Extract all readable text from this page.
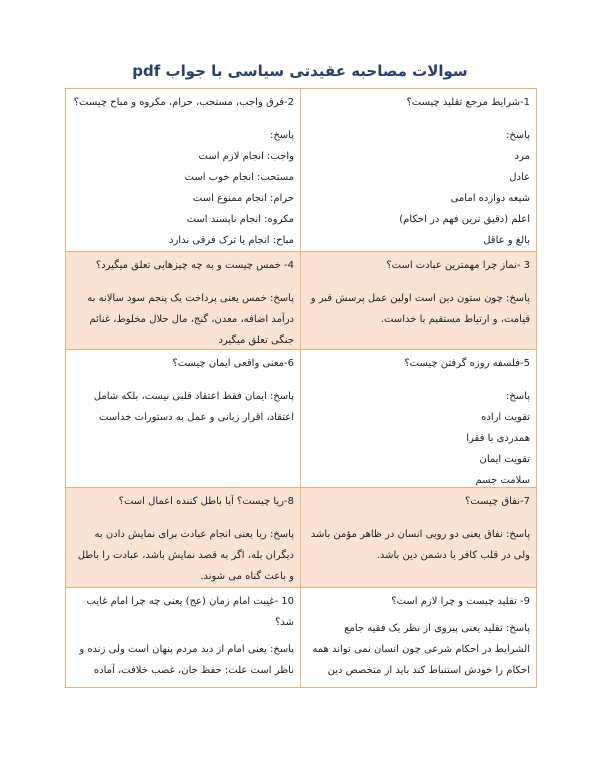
سوالات مصاحبه عقیدتی سیاسی با جواب pdf
1-شرایط مرجع تقلید چیست؟
پاسخ:
مرد
عادل
شیعه دوازده امامی
اعلم (دقیق ترین فهم در احکام)
بالغ و عاقل
2-فرق واجب، مستحب، حرام، مکروه و مباح چیست؟
پاسخ:
واجب: انجام لازم است
مستحب: انجام خوب است
حرام: انجام ممنوع است
مکروه: انجام ناپسند است
مباح: انجام یا ترک فرقی ندارد
3 -نماز چرا مهمترین عبادت است؟
پاسخ: چون ستون دین است اولین عمل پرسش قبر و قیامت، و ارتباط مستقیم با خداست.
4- خمس چیست و به چه چیزهایی تعلق میگیرد؟
پاسخ: خمس یعنی پرداخت یک پنجم سود سالانه به درآمد اضافه، معدن، گنج، مال حلال مخلوط، غنائم جنگی تعلق میگیرد
5-فلسفه روزه گرفتن چیست؟
پاسخ:
تقویت اراده
همدردی با فقرا
تقویت ایمان
سلامت جسم
6-معنی واقعی ایمان چیست؟
پاسخ: ایمان فقط اعتقاد قلبی نیست، بلکه شامل اعتقاد، اقرار زبانی و عمل به دستورات خداست
7-نفاق چیست؟
پاسخ: نفاق یعنی دو رویی انسان در ظاهر مؤمن باشد ولی در قلب کافر یا دشمن دین باشد.
8-ریا چیست؟ آیا باطل کننده اعمال است؟
پاسخ: ریا یعنی انجام عبادت برای نمایش دادن به دیگران بله، اگر به قصد نمایش باشد، عبادت را باطل و باعث گناه می شوند.
9- تقلید چیست و چرا لازم است؟
پاسخ: تقلید یعنی پیروی از نظر یک فقیه جامع الشرایط در احکام شرعی چون انسان نمی تواند همه احکام را خودش استنباط کند باید از متخصص دین
10 -غیبت امام زمان (عج) یعنی چه چرا امام غایب شد؟
پاسخ: یعنی امام از دید مردم پنهان است ولی زنده و ناظر است علت: حفظ جان، غصب خلافت، آماده
